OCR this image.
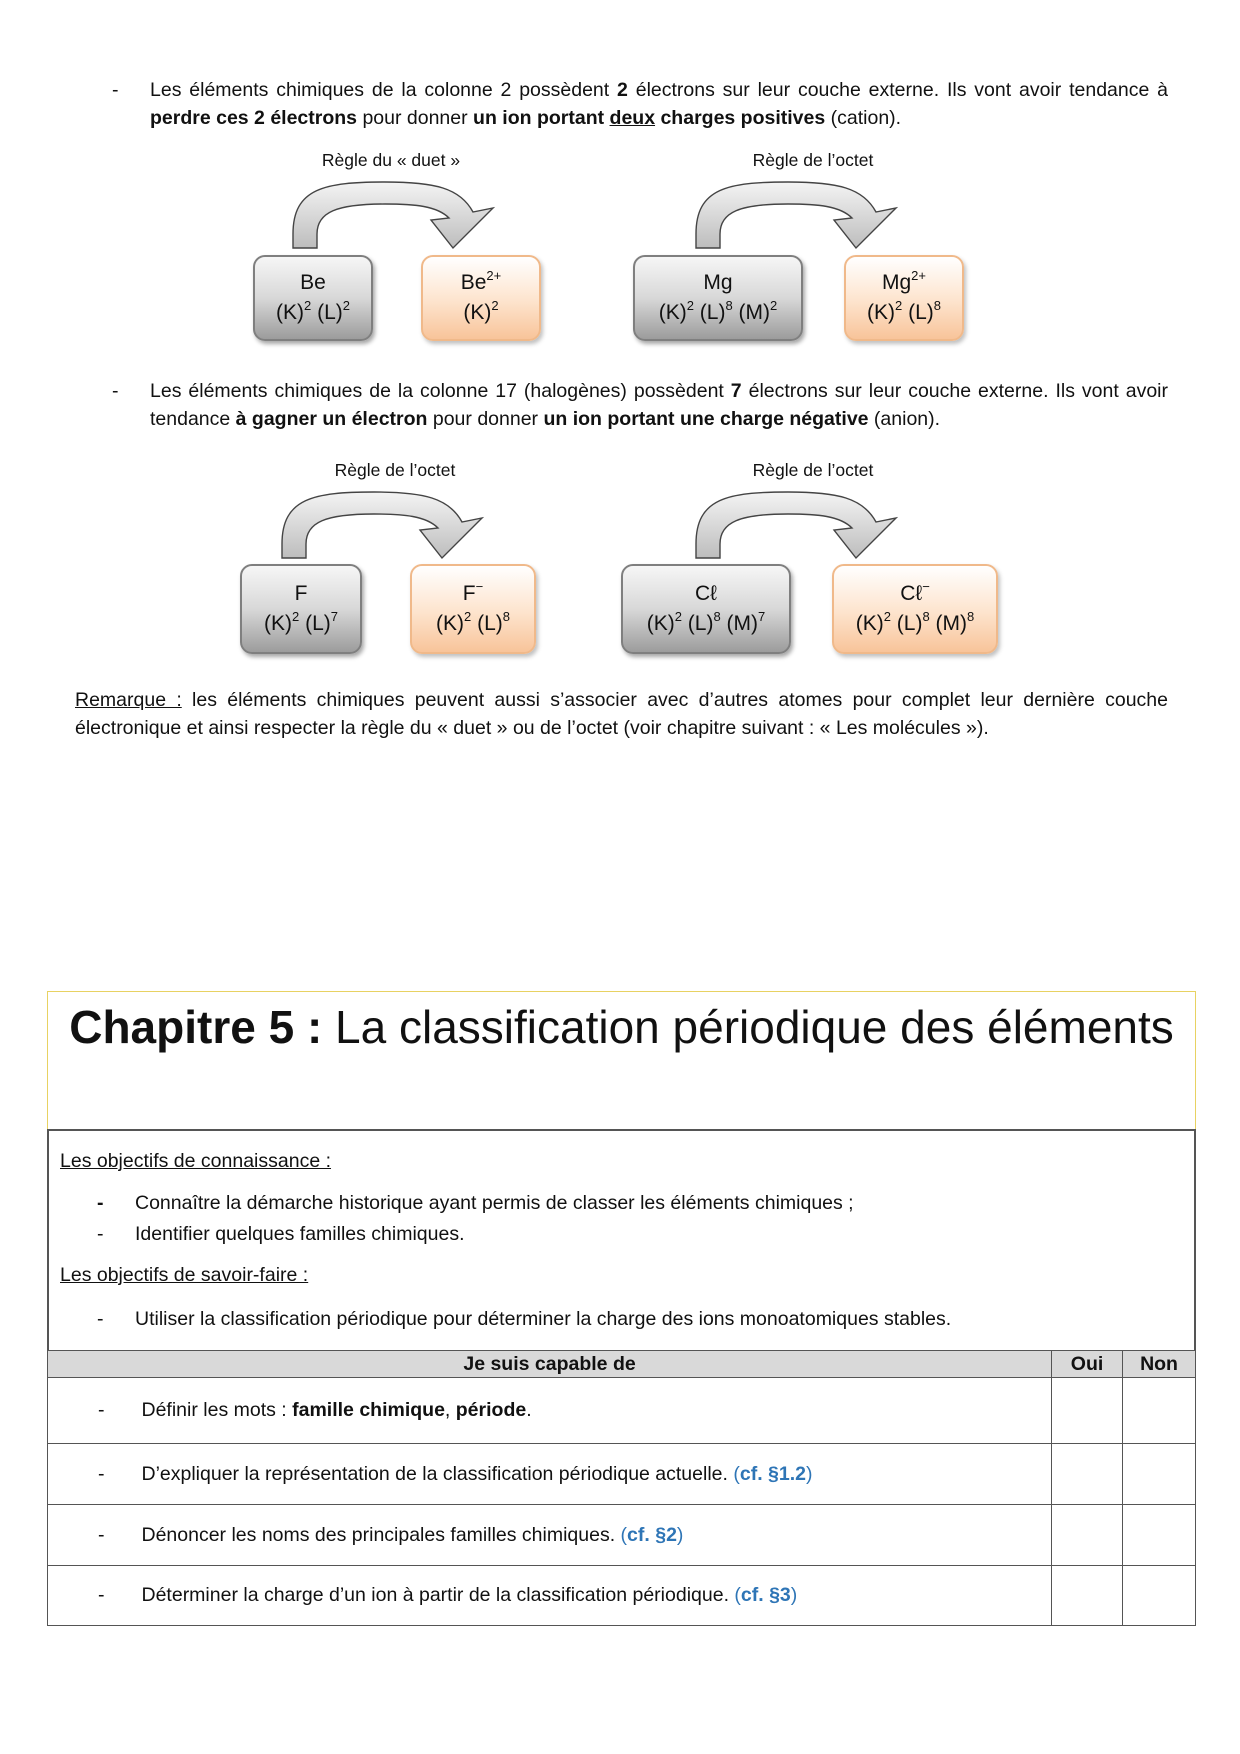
- Les éléments chimiques de la colonne 2 possèdent 2 électrons sur leur couche externe. Ils vont avoir tendance à perdre ces 2 électrons pour donner un ion portant deux charges positives (cation).
Règle du « duet »
Be
$(K)^2$ $(L)^2$
$Be^{2+}$
$(K)^2$
Règle de l’octet
Mg
$(K)^2$ $(L)^8$ $(M)^2$
$Mg^{2+}$
$(K)^2$ $(L)^8$
- Les éléments chimiques de la colonne 17 (halogènes) possèdent 7 électrons sur leur couche externe. Ils vont avoir tendance à gagner un électron pour donner un ion portant une charge négative (anion).
Règle de l’octet
F
$(K)^2$ $(L)^7$
F−
$(K)^2$ $(L)^8$
Règle de l’octet
Cℓ
$(K)^2$ $(L)^8$ $(M)^7$
Cℓ−
$(K)^2$ $(L)^8$ $(M)^8$
Remarque : les éléments chimiques peuvent aussi s’associer avec d’autres atomes pour complet leur dernière couche électronique et ainsi respecter la règle du « duet » ou de l’octet (voir chapitre suivant : « Les molécules »).
Chapitre 5 : La classification périodique des éléments
Les objectifs de connaissance :
- Connaître la démarche historique ayant permis de classer les éléments chimiques ;
- Identifier quelques familles chimiques.
Les objectifs de savoir-faire :
- Utiliser la classification périodique pour déterminer la charge des ions monoatomiques stables.
Je suis capable de	Oui	Non
- Définir les mots : famille chimique, période.		
- D’expliquer la représentation de la classification périodique actuelle. (cf. §1.2)		
- Dénoncer les noms des principales familles chimiques. (cf. §2)		
- Déterminer la charge d’un ion à partir de la classification périodique. (cf. §3)		
